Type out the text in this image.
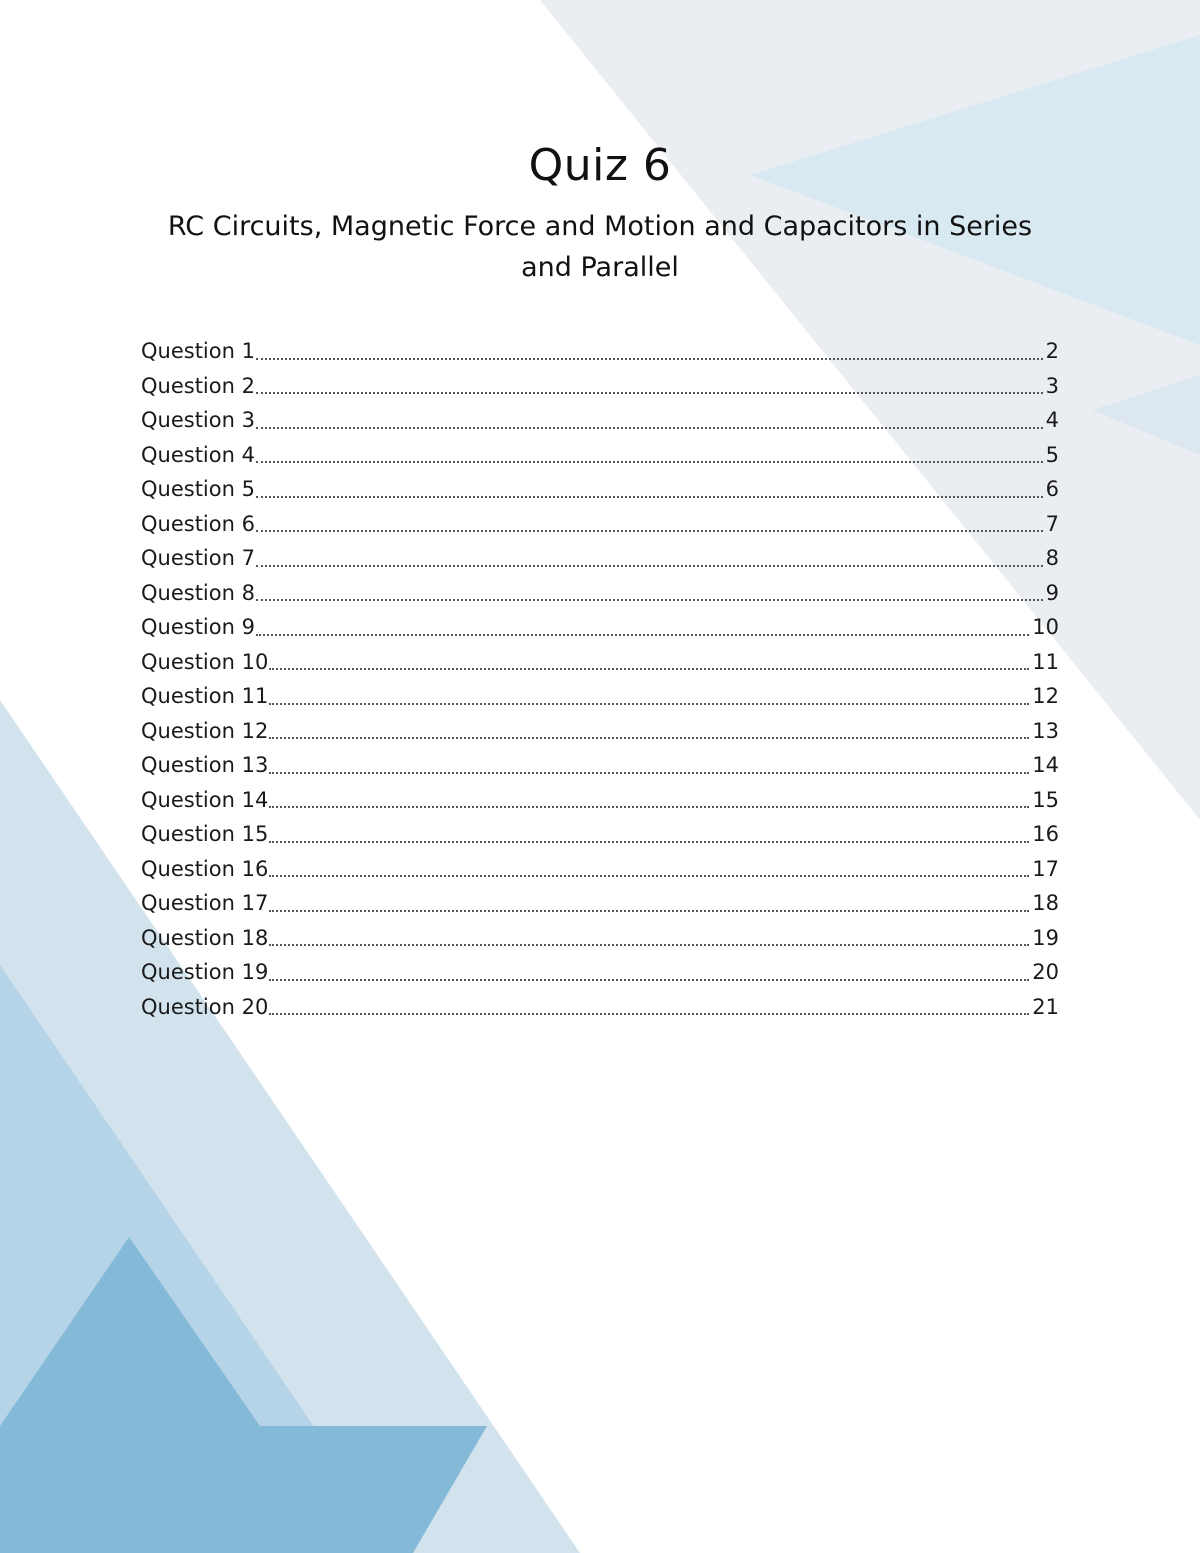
Quiz 6
RC Circuits, Magnetic Force and Motion and Capacitors in Series and Parallel
Question 1	2
Question 2	3
Question 3	4
Question 4	5
Question 5	6
Question 6	7
Question 7	8
Question 8	9
Question 9	10
Question 10	11
Question 11	12
Question 12	13
Question 13	14
Question 14	15
Question 15	16
Question 16	17
Question 17	18
Question 18	19
Question 19	20
Question 20	21
